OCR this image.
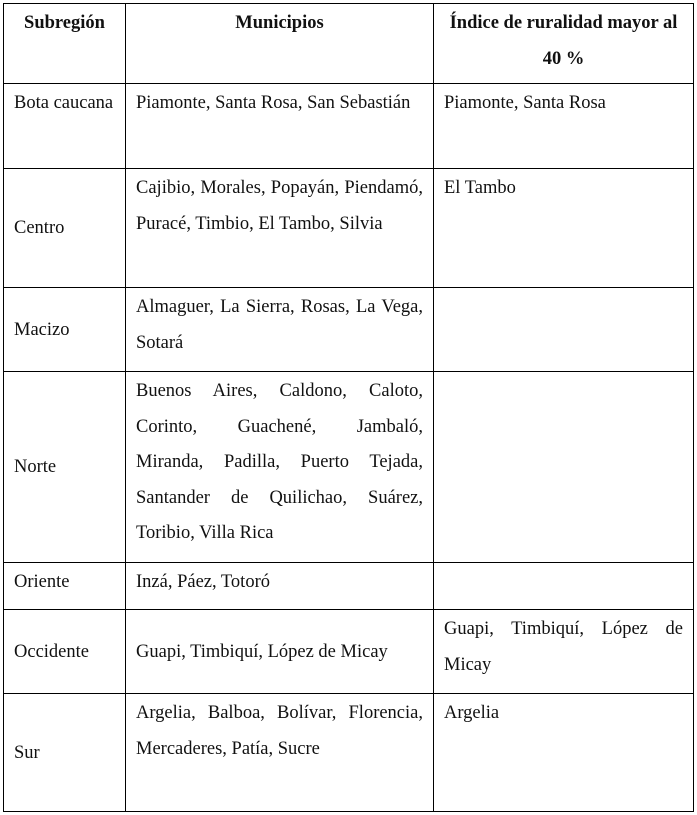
Subregión	Municipios	Índice de ruralidad mayor al 40 %
Bota caucana	Piamonte, Santa Rosa, San Sebastián	Piamonte, Santa Rosa
Centro	Cajibio, Morales, Popayán, Piendamó, Puracé, Timbio, El Tambo, Silvia	El Tambo
Macizo	Almaguer, La Sierra, Rosas, La Vega, Sotará	
Norte	Buenos Aires, Caldono, Caloto, Corinto, Guachené, Jambaló, Miranda, Padilla, Puerto Tejada, Santander de Quilichao, Suárez, Toribio, Villa Rica	
Oriente	Inzá, Páez, Totoró	
Occidente	Guapi, Timbiquí, López de Micay	Guapi, Timbiquí, López de Micay
Sur	Argelia, Balboa, Bolívar, Florencia, Mercaderes, Patía, Sucre	Argelia
